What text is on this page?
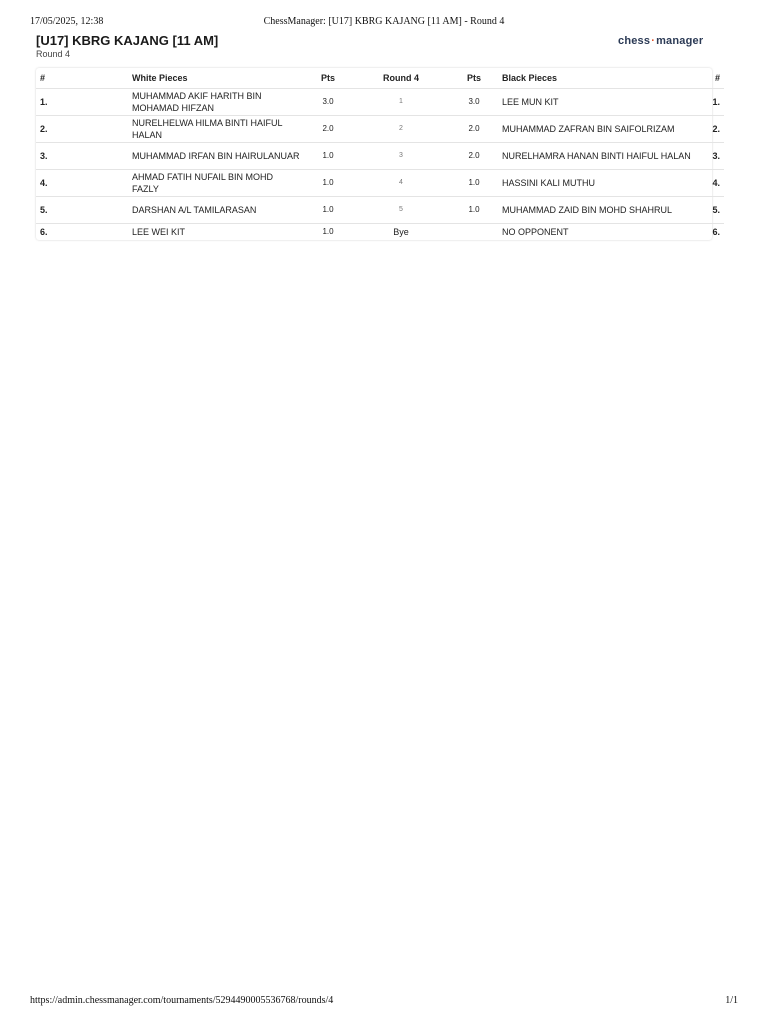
17/05/2025, 12:38	ChessManager: [U17] KBRG KAJANG [11 AM] - Round 4
[U17] KBRG KAJANG [11 AM]
Round 4
chess·manager
#	White Pieces	Pts	Round 4	Pts	Black Pieces	#
1.	MUHAMMAD AKIF HARITH BIN MOHAMAD HIFZAN	3.0	1	3.0	LEE MUN KIT	1.
2.	NURELHELWA HILMA BINTI HAIFUL HALAN	2.0	2	2.0	MUHAMMAD ZAFRAN BIN SAIFOLRIZAM	2.
3.	MUHAMMAD IRFAN BIN HAIRULANUAR	1.0	3	2.0	NURELHAMRA HANAN BINTI HAIFUL HALAN	3.
4.	AHMAD FATIH NUFAIL BIN MOHD FAZLY	1.0	4	1.0	HASSINI KALI MUTHU	4.
5.	DARSHAN A/L TAMILARASAN	1.0	5	1.0	MUHAMMAD ZAID BIN MOHD SHAHRUL	5.
6.	LEE WEI KIT	1.0	Bye		NO OPPONENT	6.
https://admin.chessmanager.com/tournaments/5294490005536768/rounds/4	1/1
